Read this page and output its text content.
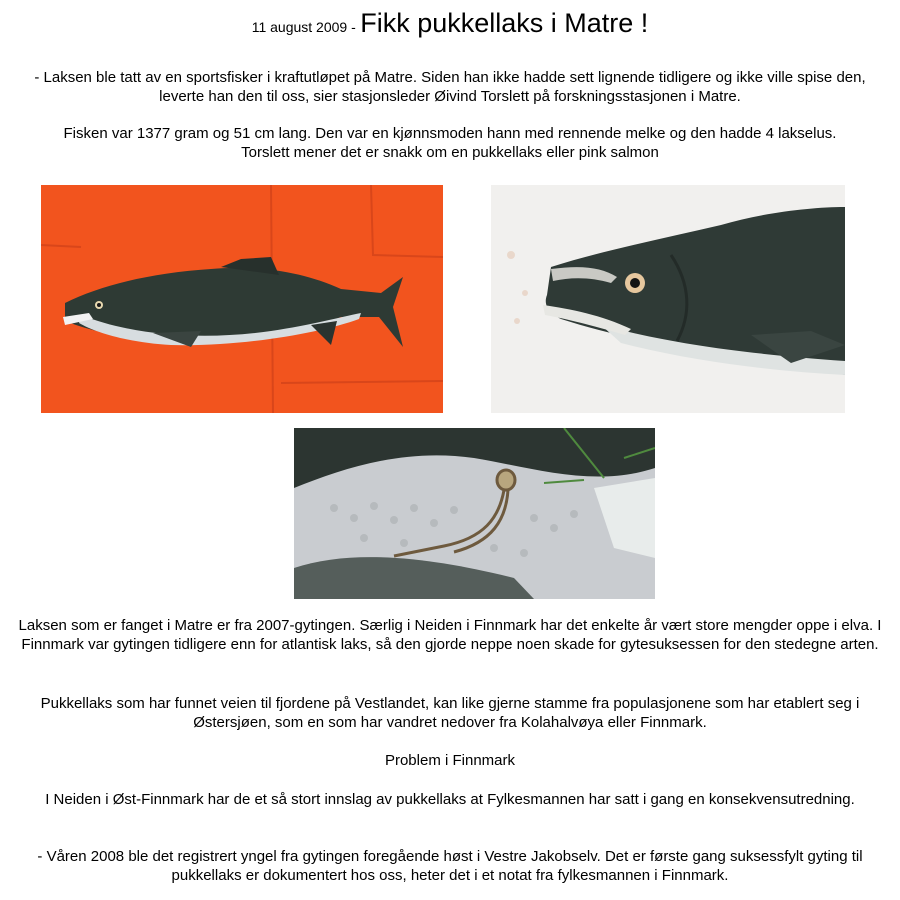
11 august 2009 - Fikk pukkellaks i Matre !

- Laksen ble tatt av en sportsfisker i kraftutløpet på Matre. Siden han ikke hadde sett lignende tidligere og ikke ville spise den, leverte han den til oss, sier stasjonsleder Øivind Torslett på forskningsstasjonen i Matre.

Fisken var 1377 gram og 51 cm lang. Den var en kjønnsmoden hann med rennende melke og den hadde 4 lakselus.
Torslett mener det er snakk om en pukkellaks eller pink salmon

Laksen som er fanget i Matre er fra 2007-gytingen. Særlig i Neiden i Finnmark har det enkelte år vært store mengder oppe i elva. I Finnmark var gytingen tidligere enn for atlantisk laks, så den gjorde neppe noen skade for gytesuksessen for den stedegne arten.

Pukkellaks som har funnet veien til fjordene på Vestlandet, kan like gjerne stamme fra populasjonene som har etablert seg i Østersjøen, som en som har vandret nedover fra Kolahalvøya eller Finnmark.

Problem i Finnmark

I Neiden i Øst-Finnmark har de et så stort innslag av pukkellaks at Fylkesmannen har satt i gang en konsekvensutredning.

- Våren 2008 ble det registrert yngel fra gytingen foregående høst i Vestre Jakobselv. Det er første gang suksessfylt gyting til pukkellaks er dokumentert hos oss, heter det i et notat fra fylkesmannen i Finnmark.
